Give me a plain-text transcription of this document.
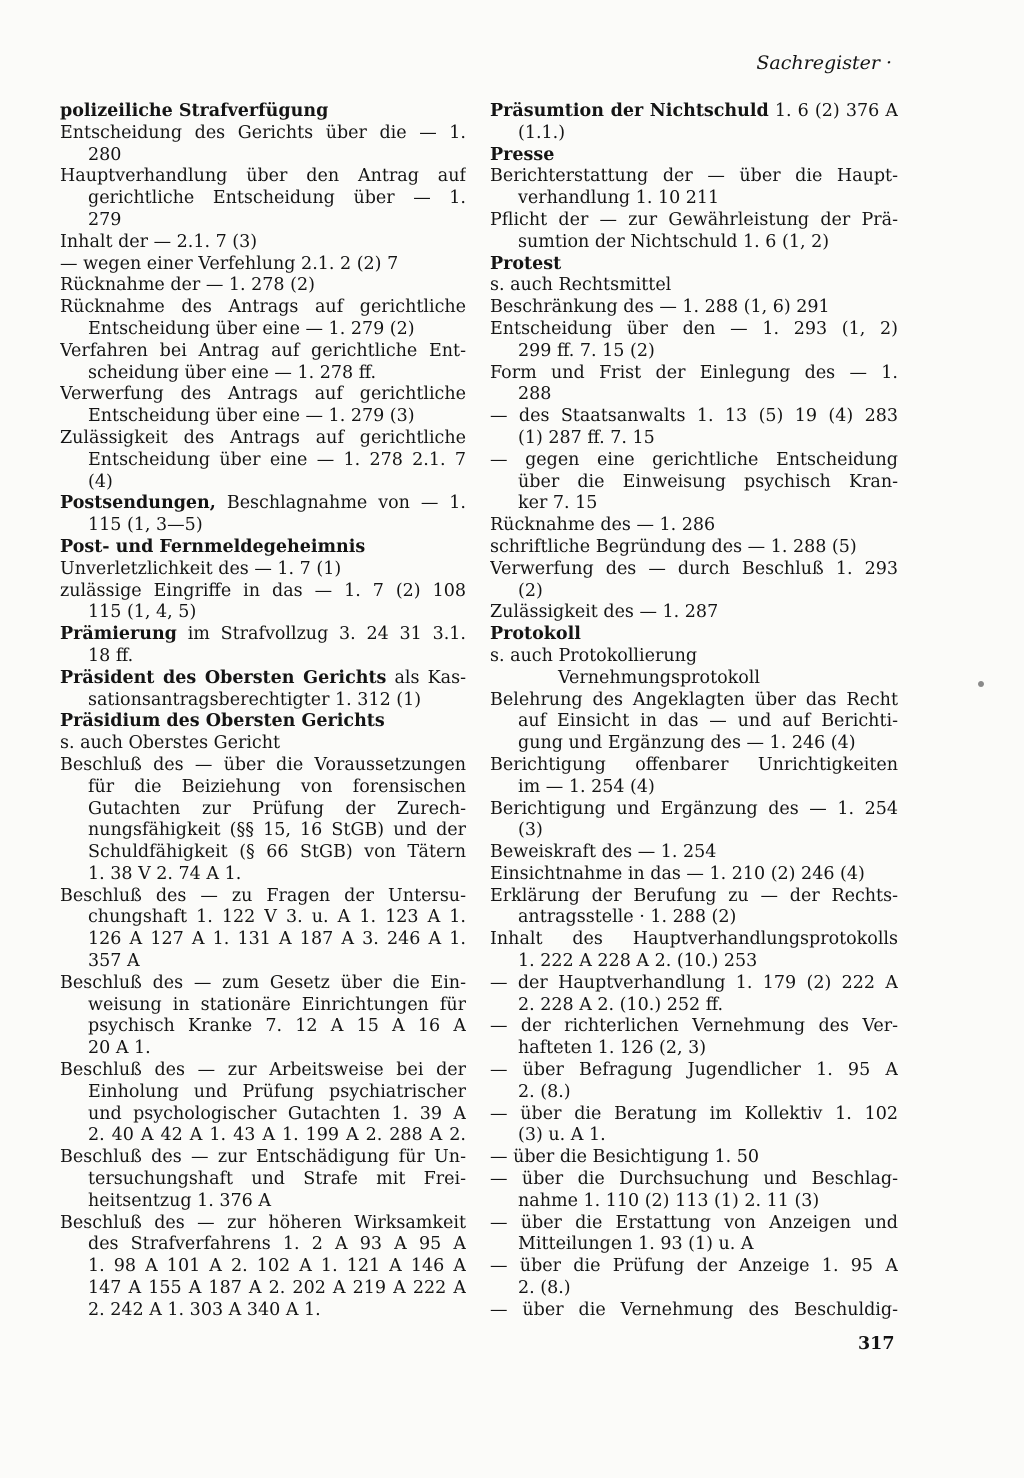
Sachregister ·
polizeiliche Strafverfügung
Entscheidung des Gerichts über die — 1.
280
Hauptverhandlung über den Antrag auf
gerichtliche Entscheidung über — 1.
279
Inhalt der — 2.1. 7 (3)
— wegen einer Verfehlung 2.1. 2 (2) 7
Rücknahme der — 1. 278 (2)
Rücknahme des Antrags auf gerichtliche
Entscheidung über eine — 1. 279 (2)
Verfahren bei Antrag auf gerichtliche Ent-
scheidung über eine — 1. 278 ff.
Verwerfung des Antrags auf gerichtliche
Entscheidung über eine — 1. 279 (3)
Zulässigkeit des Antrags auf gerichtliche
Entscheidung über eine — 1. 278 2.1. 7
(4)
Postsendungen, Beschlagnahme von — 1.
115 (1, 3—5)
Post- und Fernmeldegeheimnis
Unverletzlichkeit des — 1. 7 (1)
zulässige Eingriffe in das — 1. 7 (2) 108
115 (1, 4, 5)
Prämierung im Strafvollzug 3. 24 31 3.1.
18 ff.
Präsident des Obersten Gerichts als Kas-
sationsantragsberechtigter 1. 312 (1)
Präsidium des Obersten Gerichts
s. auch Oberstes Gericht
Beschluß des — über die Voraussetzungen
für die Beiziehung von forensischen
Gutachten zur Prüfung der Zurech-
nungsfähigkeit (§§ 15, 16 StGB) und der
Schuldfähigkeit (§ 66 StGB) von Tätern
1. 38 V 2. 74 A 1.
Beschluß des — zu Fragen der Untersu-
chungshaft 1. 122 V 3. u. A 1. 123 A 1.
126 A 127 A 1. 131 A 187 A 3. 246 A 1.
357 A
Beschluß des — zum Gesetz über die Ein-
weisung in stationäre Einrichtungen für
psychisch Kranke 7. 12 A 15 A 16 A
20 A 1.
Beschluß des — zur Arbeitsweise bei der
Einholung und Prüfung psychiatrischer
und psychologischer Gutachten 1. 39 A
2. 40 A 42 A 1. 43 A 1. 199 A 2. 288 A 2.
Beschluß des — zur Entschädigung für Un-
tersuchungshaft und Strafe mit Frei-
heitsentzug 1. 376 A
Beschluß des — zur höheren Wirksamkeit
des Strafverfahrens 1. 2 A 93 A 95 A
1. 98 A 101 A 2. 102 A 1. 121 A 146 A
147 A 155 A 187 A 2. 202 A 219 A 222 A
2. 242 A 1. 303 A 340 A 1.
Präsumtion der Nichtschuld 1. 6 (2) 376 A
(1.1.)
Presse
Berichterstattung der — über die Haupt-
verhandlung 1. 10 211
Pflicht der — zur Gewährleistung der Prä-
sumtion der Nichtschuld 1. 6 (1, 2)
Protest
s. auch Rechtsmittel
Beschränkung des — 1. 288 (1, 6) 291
Entscheidung über den — 1. 293 (1, 2)
299 ff. 7. 15 (2)
Form und Frist der Einlegung des — 1.
288
— des Staatsanwalts 1. 13 (5) 19 (4) 283
(1) 287 ff. 7. 15
— gegen eine gerichtliche Entscheidung
über die Einweisung psychisch Kran-
ker 7. 15
Rücknahme des — 1. 286
schriftliche Begründung des — 1. 288 (5)
Verwerfung des — durch Beschluß 1. 293
(2)
Zulässigkeit des — 1. 287
Protokoll
s. auch Protokollierung
Vernehmungsprotokoll
Belehrung des Angeklagten über das Recht
auf Einsicht in das — und auf Berichti-
gung und Ergänzung des — 1. 246 (4)
Berichtigung offenbarer Unrichtigkeiten
im — 1. 254 (4)
Berichtigung und Ergänzung des — 1. 254
(3)
Beweiskraft des — 1. 254
Einsichtnahme in das — 1. 210 (2) 246 (4)
Erklärung der Berufung zu — der Rechts-
antragsstelle · 1. 288 (2)
Inhalt des Hauptverhandlungsprotokolls
1. 222 A 228 A 2. (10.) 253
— der Hauptverhandlung 1. 179 (2) 222 A
2. 228 A 2. (10.) 252 ff.
— der richterlichen Vernehmung des Ver-
hafteten 1. 126 (2, 3)
— über Befragung Jugendlicher 1. 95 A
2. (8.)
— über die Beratung im Kollektiv 1. 102
(3) u. A 1.
— über die Besichtigung 1. 50
— über die Durchsuchung und Beschlag-
nahme 1. 110 (2) 113 (1) 2. 11 (3)
— über die Erstattung von Anzeigen und
Mitteilungen 1. 93 (1) u. A
— über die Prüfung der Anzeige 1. 95 A
2. (8.)
— über die Vernehmung des Beschuldig-
317
